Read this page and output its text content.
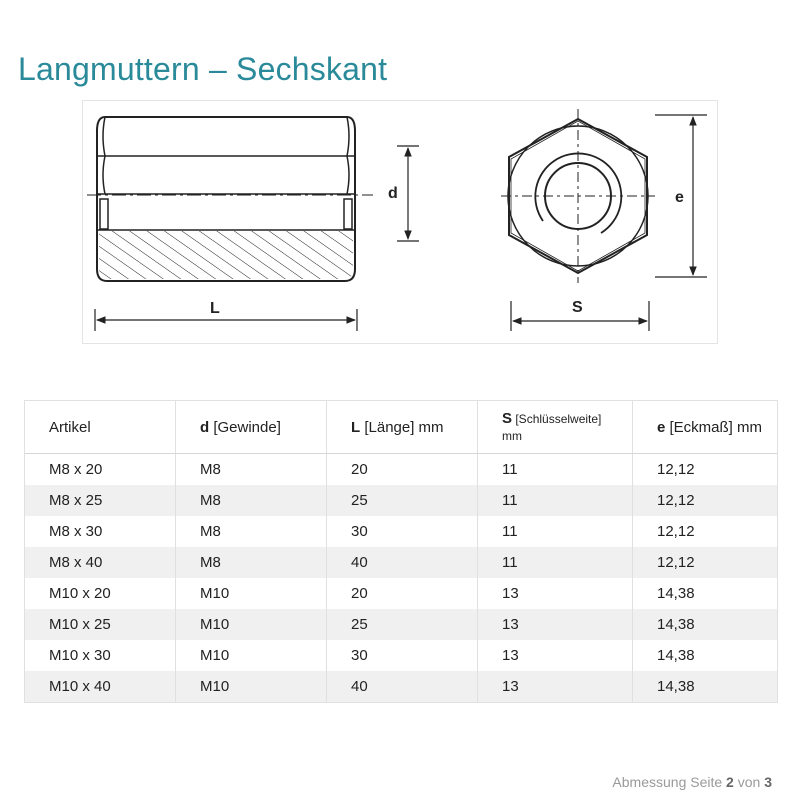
Langmuttern – Sechskant
L
d	e
S
Artikel	d [Gewinde]	L [Länge] mm	S [Schlüsselweite]
mm	e [Eckmaß] mm
M8 x 20	M8	20	11	12,12
M8 x 25	M8	25	11	12,12
M8 x 30	M8	30	11	12,12
M8 x 40	M8	40	11	12,12
M10 x 20	M10	20	13	14,38
M10 x 25	M10	25	13	14,38
M10 x 30	M10	30	13	14,38
M10 x 40	M10	40	13	14,38
Abmessung Seite 2 von 3
